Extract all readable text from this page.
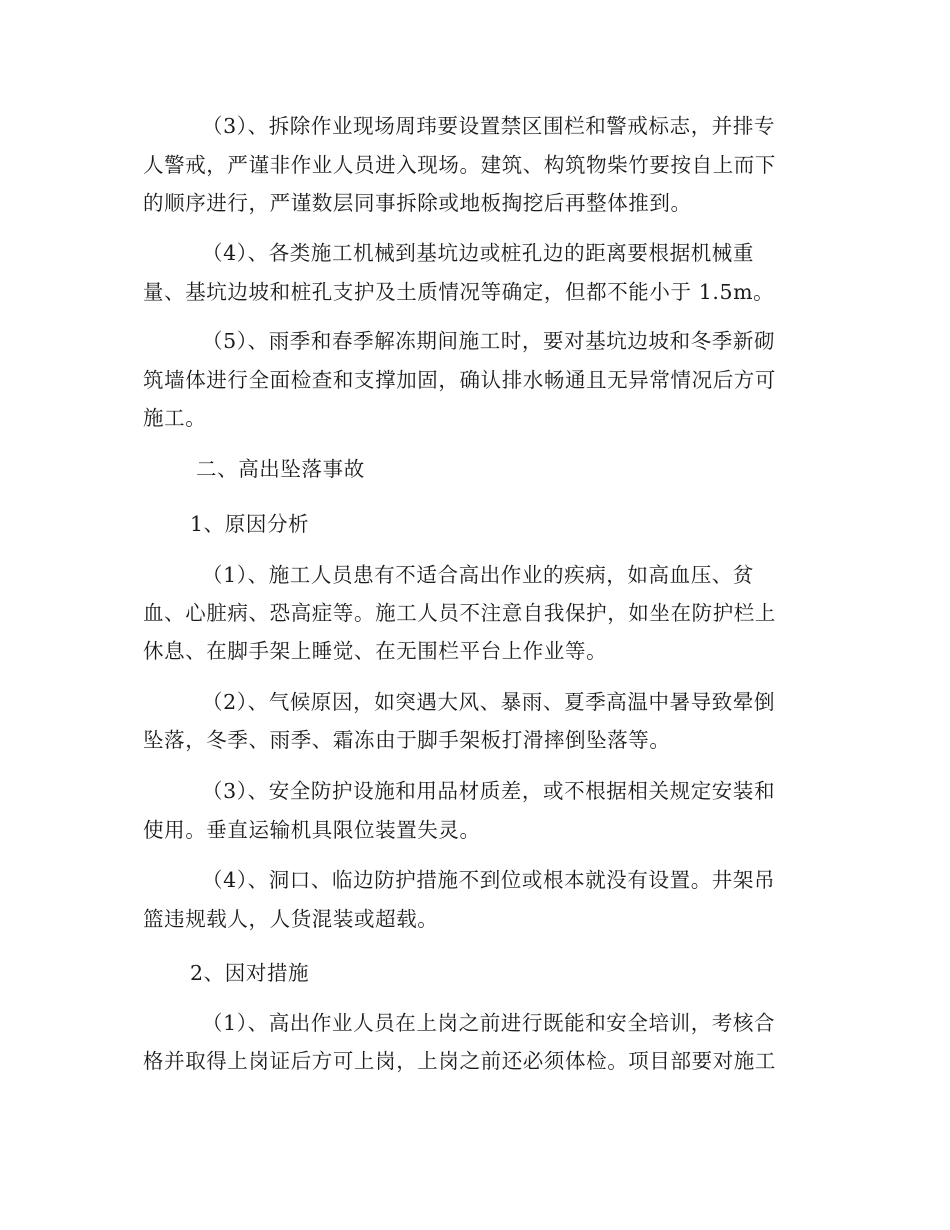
（3）、拆除作业现场周玮要设置禁区围栏和警戒标志，并排专
人警戒，严谨非作业人员进入现场。建筑、构筑物柴竹要按自上而下
的顺序进行，严谨数层同事拆除或地板掏挖后再整体推到。
（4）、各类施工机械到基坑边或桩孔边的距离要根据机械重
量、基坑边坡和桩孔支护及土质情况等确定，但都不能小于 1.5m。
（5）、雨季和春季解冻期间施工时，要对基坑边坡和冬季新砌
筑墙体进行全面检查和支撑加固，确认排水畅通且无异常情况后方可
施工。
二、高出坠落事故
1、原因分析
（1）、施工人员患有不适合高出作业的疾病，如高血压、贫
血、心脏病、恐高症等。施工人员不注意自我保护，如坐在防护栏上
休息、在脚手架上睡觉、在无围栏平台上作业等。
（2）、气候原因，如突遇大风、暴雨、夏季高温中暑导致晕倒
坠落，冬季、雨季、霜冻由于脚手架板打滑摔倒坠落等。
（3）、安全防护设施和用品材质差，或不根据相关规定安装和
使用。垂直运输机具限位装置失灵。
（4）、洞口、临边防护措施不到位或根本就没有设置。井架吊
篮违规载人，人货混装或超载。
2、因对措施
（1）、高出作业人员在上岗之前进行既能和安全培训，考核合
格并取得上岗证后方可上岗，上岗之前还必须体检。项目部要对施工
